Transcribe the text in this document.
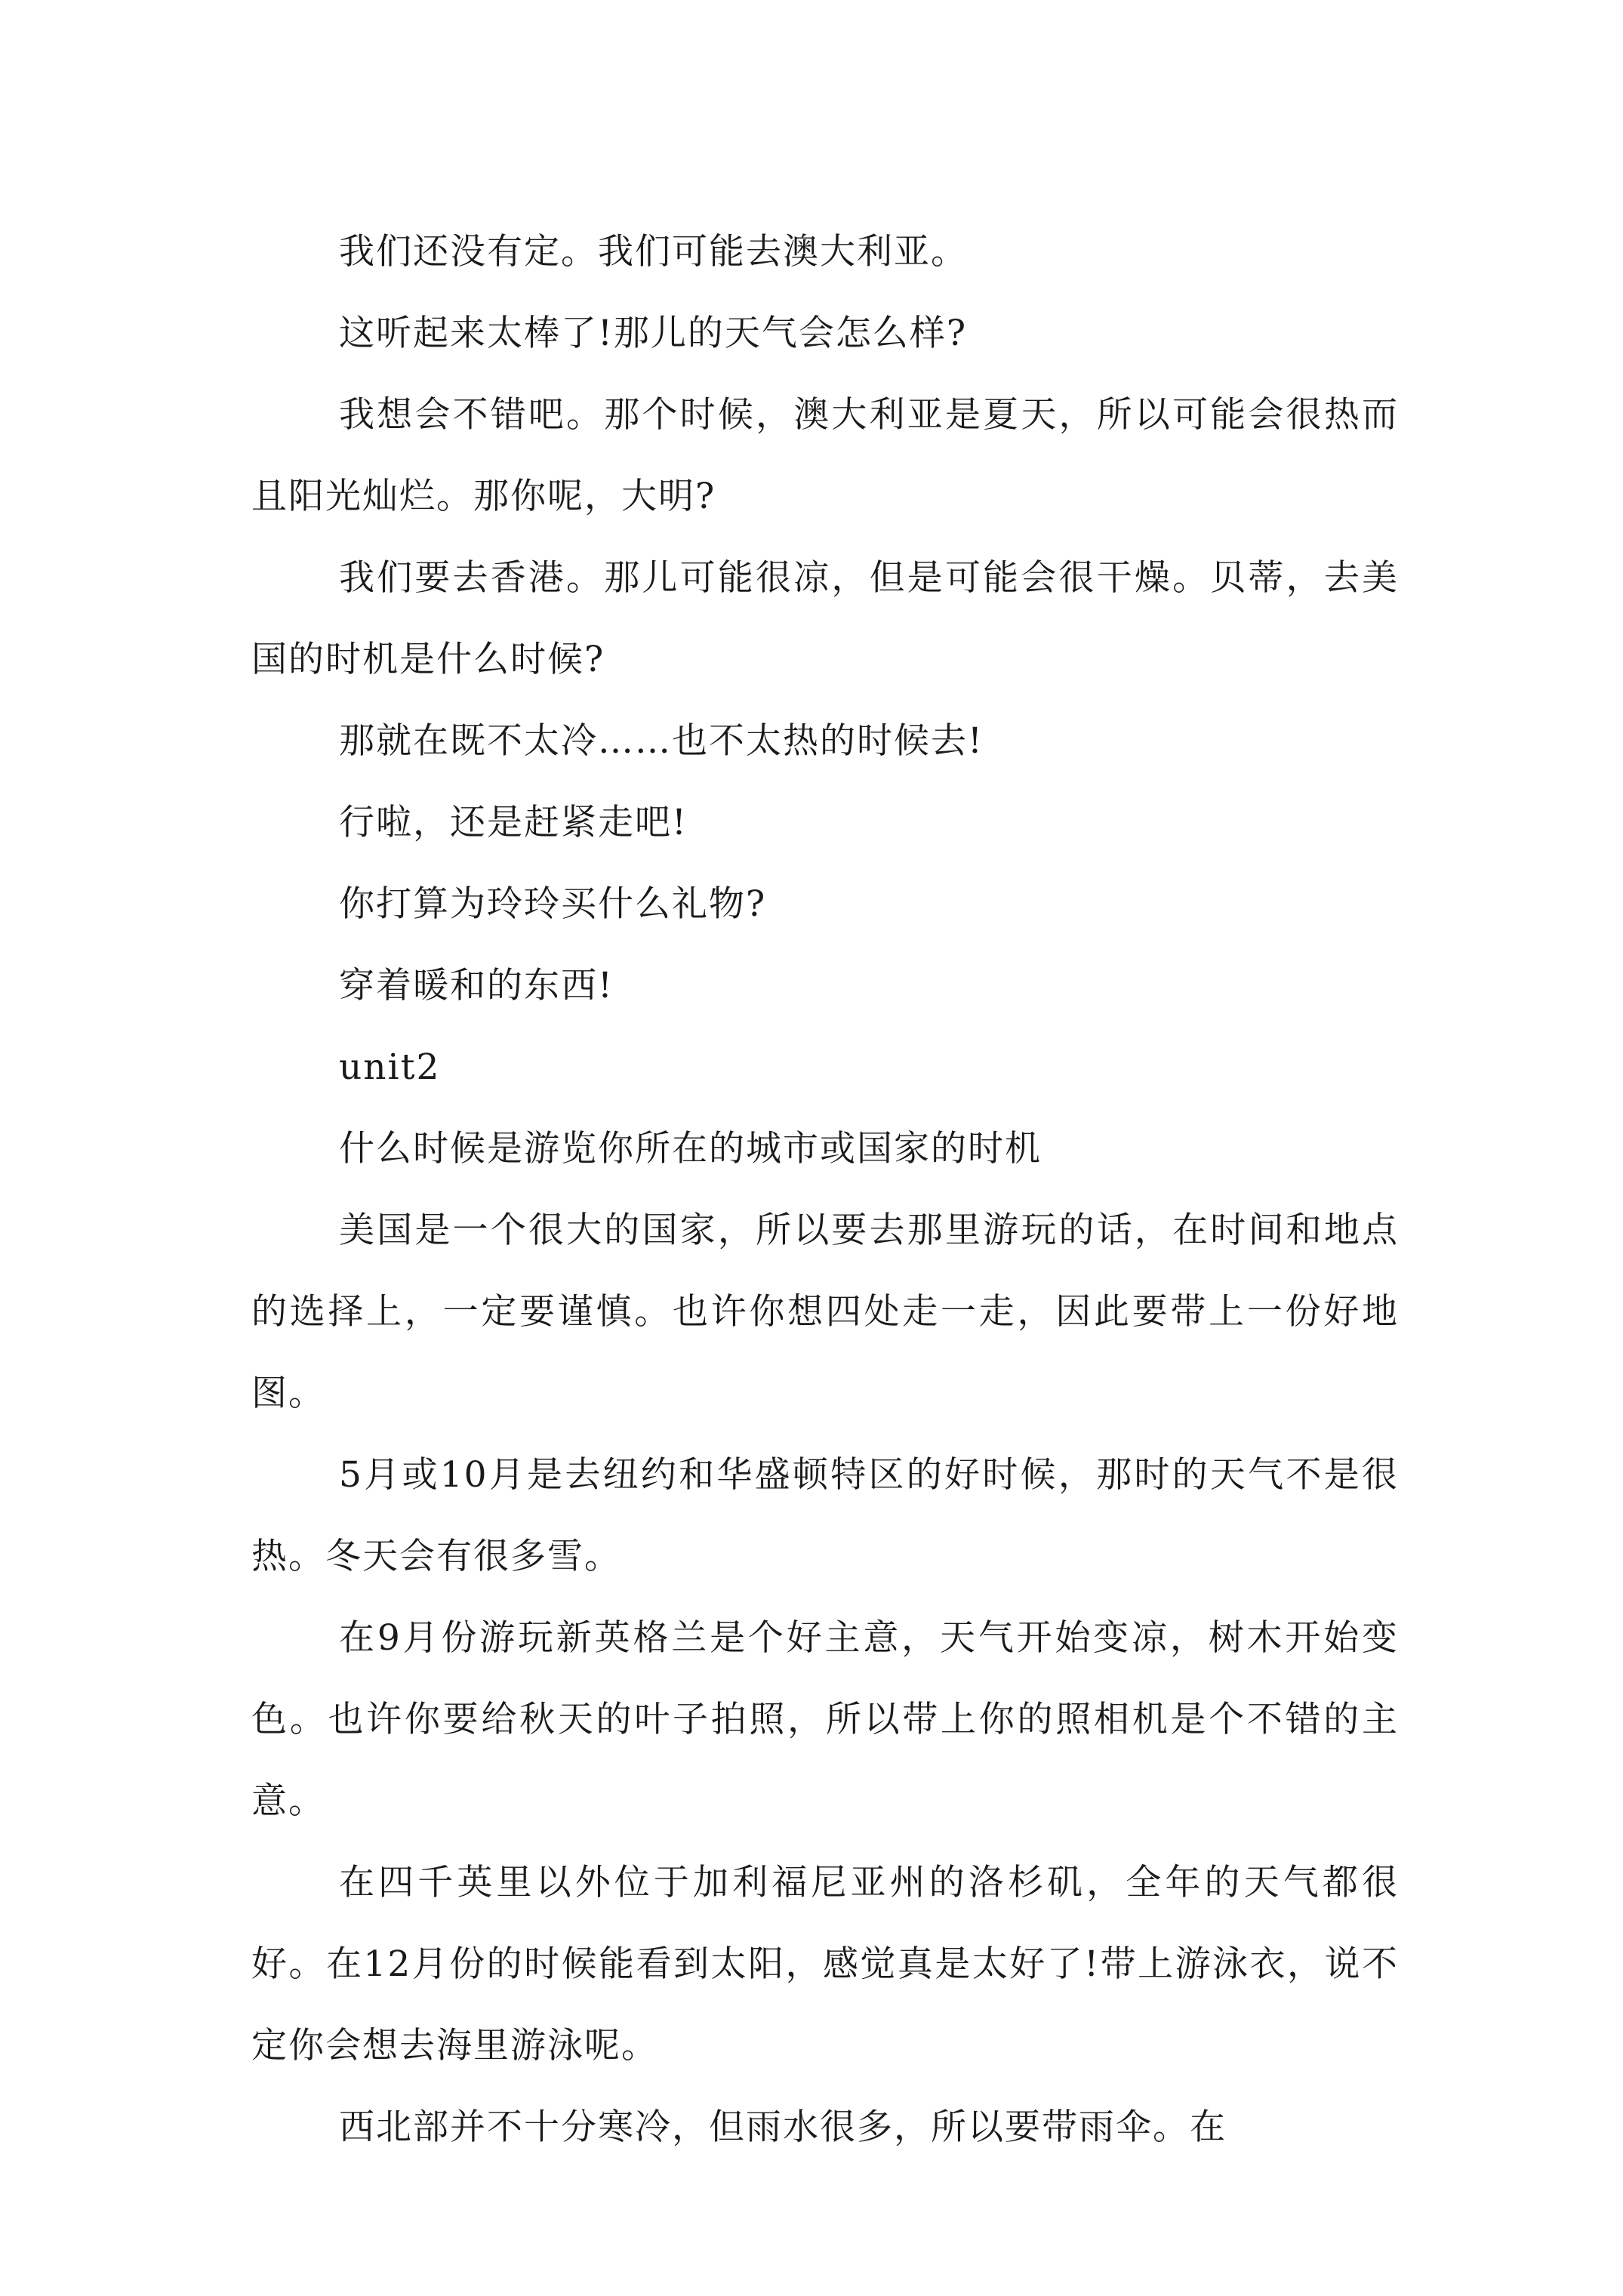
我们还没有定。我们可能去澳大利亚。

这听起来太棒了!那儿的天气会怎么样?

我想会不错吧。那个时候，澳大利亚是夏天，所以可能会很热而且阳光灿烂。那你呢，大明?

我们要去香港。那儿可能很凉，但是可能会很干燥。贝蒂，去美国的时机是什么时候?

那就在既不太冷……也不太热的时候去!

行啦，还是赶紧走吧!

你打算为玲玲买什么礼物?

穿着暖和的东西!

unit2

什么时候是游览你所在的城市或国家的时机

美国是一个很大的国家，所以要去那里游玩的话，在时间和地点的选择上，一定要谨慎。也许你想四处走一走，因此要带上一份好地图。

5月或10月是去纽约和华盛顿特区的好时候，那时的天气不是很热。冬天会有很多雪。

在9月份游玩新英格兰是个好主意，天气开始变凉，树木开始变色。也许你要给秋天的叶子拍照，所以带上你的照相机是个不错的主意。

在四千英里以外位于加利福尼亚州的洛杉矶，全年的天气都很好。在12月份的时候能看到太阳，感觉真是太好了!带上游泳衣，说不定你会想去海里游泳呢。

西北部并不十分寒冷，但雨水很多，所以要带雨伞。在
